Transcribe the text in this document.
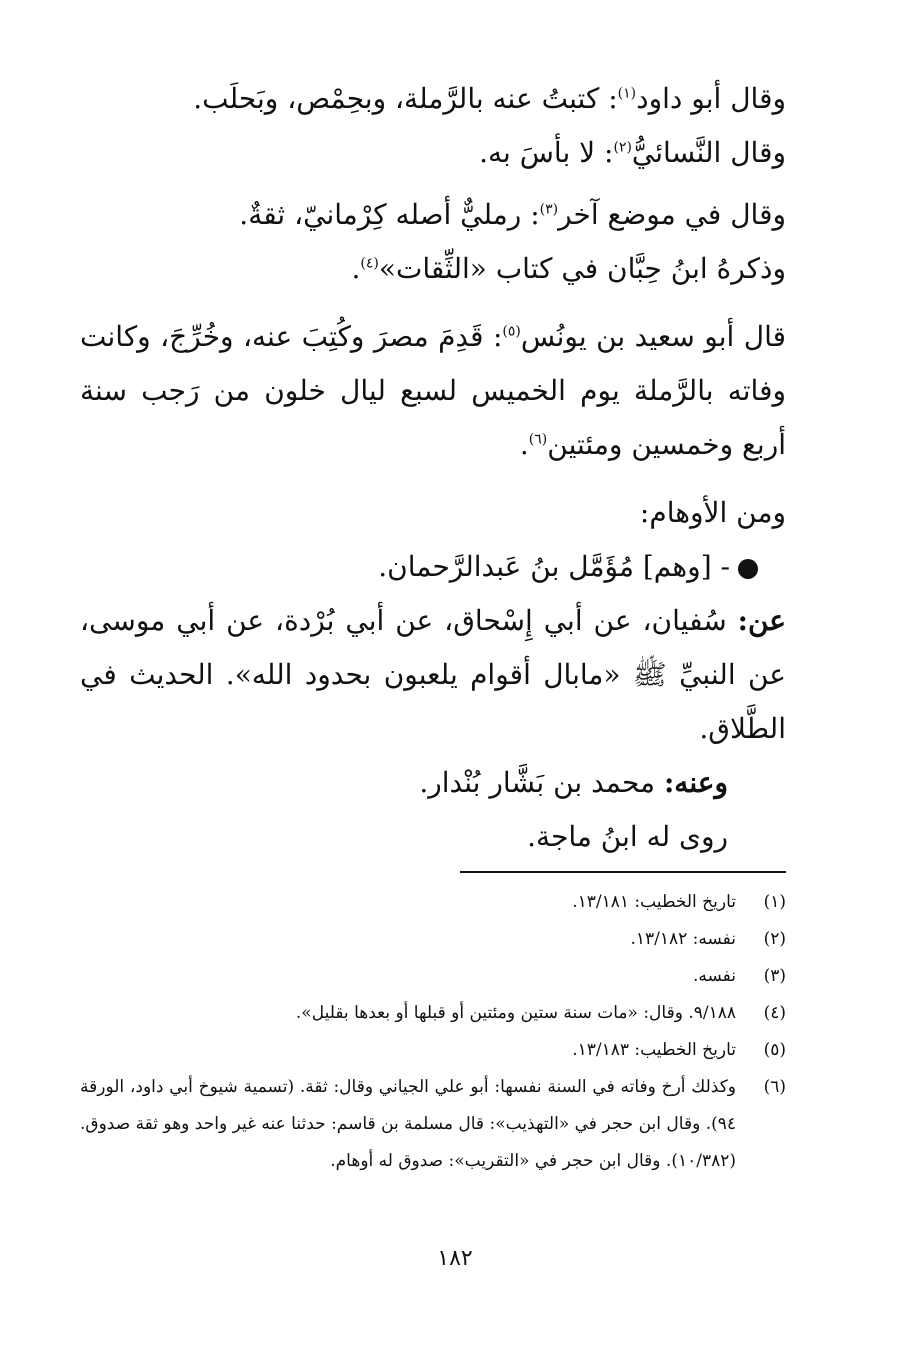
وقال أبو داود$^{(١)}$: كتبتُ عنه بالرَّملة، وبحِمْص، وبَحلَب.
وقال النَّسائيُّ$^{(٢)}$: لا بأسَ به.

وقال في موضع آخر$^{(٣)}$: رمليٌّ أصله كِرْمانيّ، ثقةٌ.
وذكرهُ ابنُ حِبَّان في كتاب «الثِّقات»$^{(٤)}$.

قال أبو سعيد بن يونُس$^{(٥)}$: قَدِمَ مصرَ وكُتِبَ عنه، وخُرِّجَ، وكانت وفاته بالرَّملة يوم الخميس لسبع ليال خلون من رَجب سنة أربع وخمسين ومئتين$^{(٦)}$.

ومن الأوهام:

- [وهم] مُؤَمَّل بنُ عَبدالرَّحمان.

عن: سُفيان، عن أبي إِسْحاق، عن أبي بُرْدة، عن أبي موسى، عن النبيِّ ﷺ «مابال أقوام يلعبون بحدود الله». الحديث في الطَّلاق.

وعنه: محمد بن بَشَّار بُنْدار.

روى له ابنُ ماجة.

(١)
تاريخ الخطيب: ١٣/١٨١.
(٢)
نفسه: ١٣/١٨٢.
(٣)
نفسه.
(٤)
٩/١٨٨. وقال: «مات سنة ستين ومئتين أو قبلها أو بعدها بقليل».
(٥)
تاريخ الخطيب: ١٣/١٨٣.
(٦)
وكذلك أرخ وفاته في السنة نفسها: أبو علي الجياني وقال: ثقة. (تسمية شيوخ أبي داود، الورقة ٩٤). وقال ابن حجر في «التهذيب»: قال مسلمة بن قاسم: حدثنا عنه غير واحد وهو ثقة صدوق. (١٠/٣٨٢). وقال ابن حجر في «التقريب»: صدوق له أوهام.
١٨٢
